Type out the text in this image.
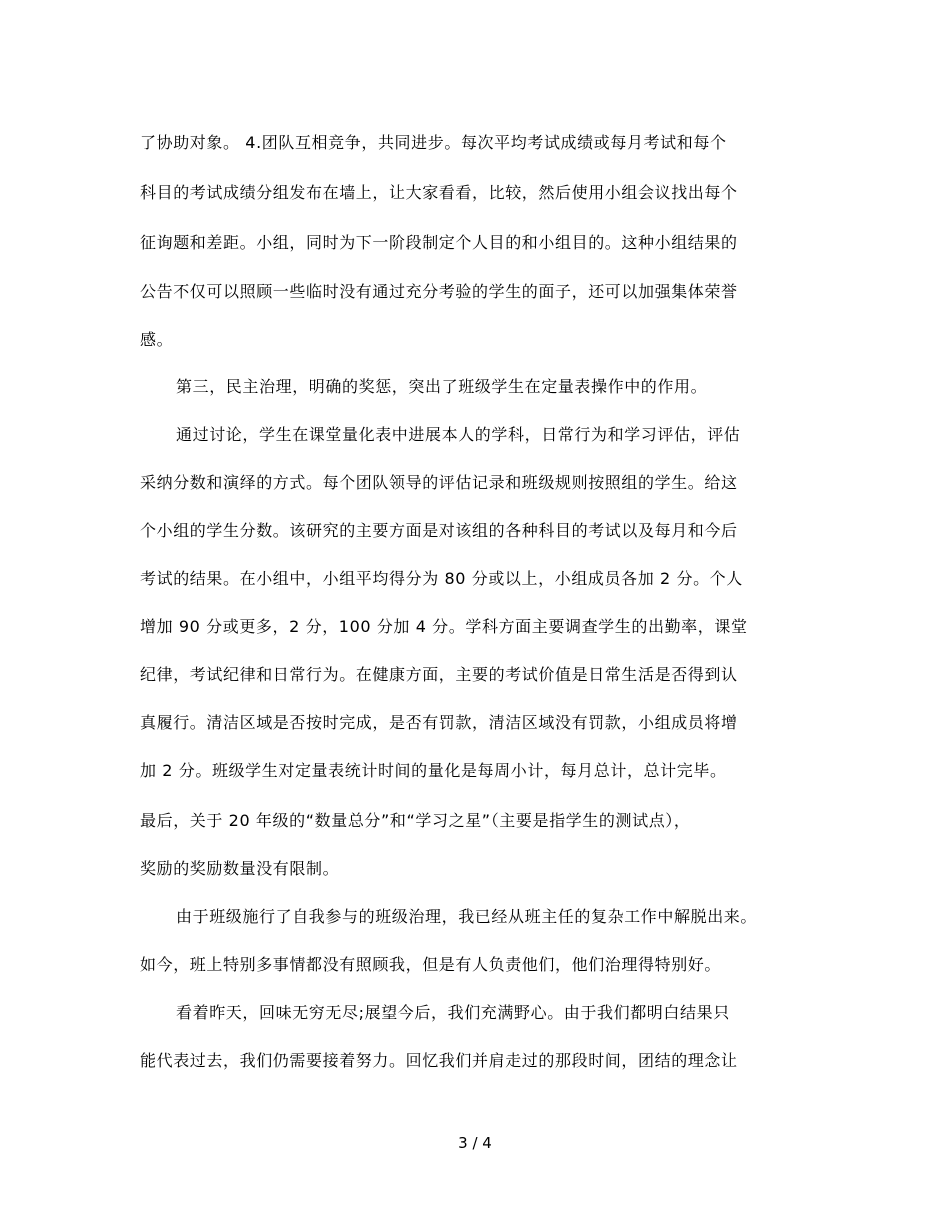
了协助对象。 4.团队互相竞争，共同进步。每次平均考试成绩或每月考试和每个
科目的考试成绩分组发布在墙上，让大家看看，比较，然后使用小组会议找出每个
征询题和差距。小组，同时为下一阶段制定个人目的和小组目的。这种小组结果的
公告不仅可以照顾一些临时没有通过充分考验的学生的面子，还可以加强集体荣誉
感。
第三，民主治理，明确的奖惩，突出了班级学生在定量表操作中的作用。
通过讨论，学生在课堂量化表中进展本人的学科，日常行为和学习评估，评估
采纳分数和演绎的方式。每个团队领导的评估记录和班级规则按照组的学生。给这
个小组的学生分数。该研究的主要方面是对该组的各种科目的考试以及每月和今后
考试的结果。在小组中，小组平均得分为 80 分或以上，小组成员各加 2 分。个人
增加 90 分或更多，2 分，100 分加 4 分。学科方面主要调查学生的出勤率，课堂
纪律，考试纪律和日常行为。在健康方面，主要的考试价值是日常生活是否得到认
真履行。清洁区域是否按时完成，是否有罚款，清洁区域没有罚款，小组成员将增
加 2 分。班级学生对定量表统计时间的量化是每周小计，每月总计，总计完毕。
最后，关于 20 年级的“数量总分”和“学习之星”（主要是指学生的测试点），
奖励的奖励数量没有限制。
由于班级施行了自我参与的班级治理，我已经从班主任的复杂工作中解脱出来。
如今，班上特别多事情都没有照顾我，但是有人负责他们，他们治理得特别好。
看着昨天，回味无穷无尽;展望今后，我们充满野心。由于我们都明白结果只
能代表过去，我们仍需要接着努力。回忆我们并肩走过的那段时间，团结的理念让
3 / 4
